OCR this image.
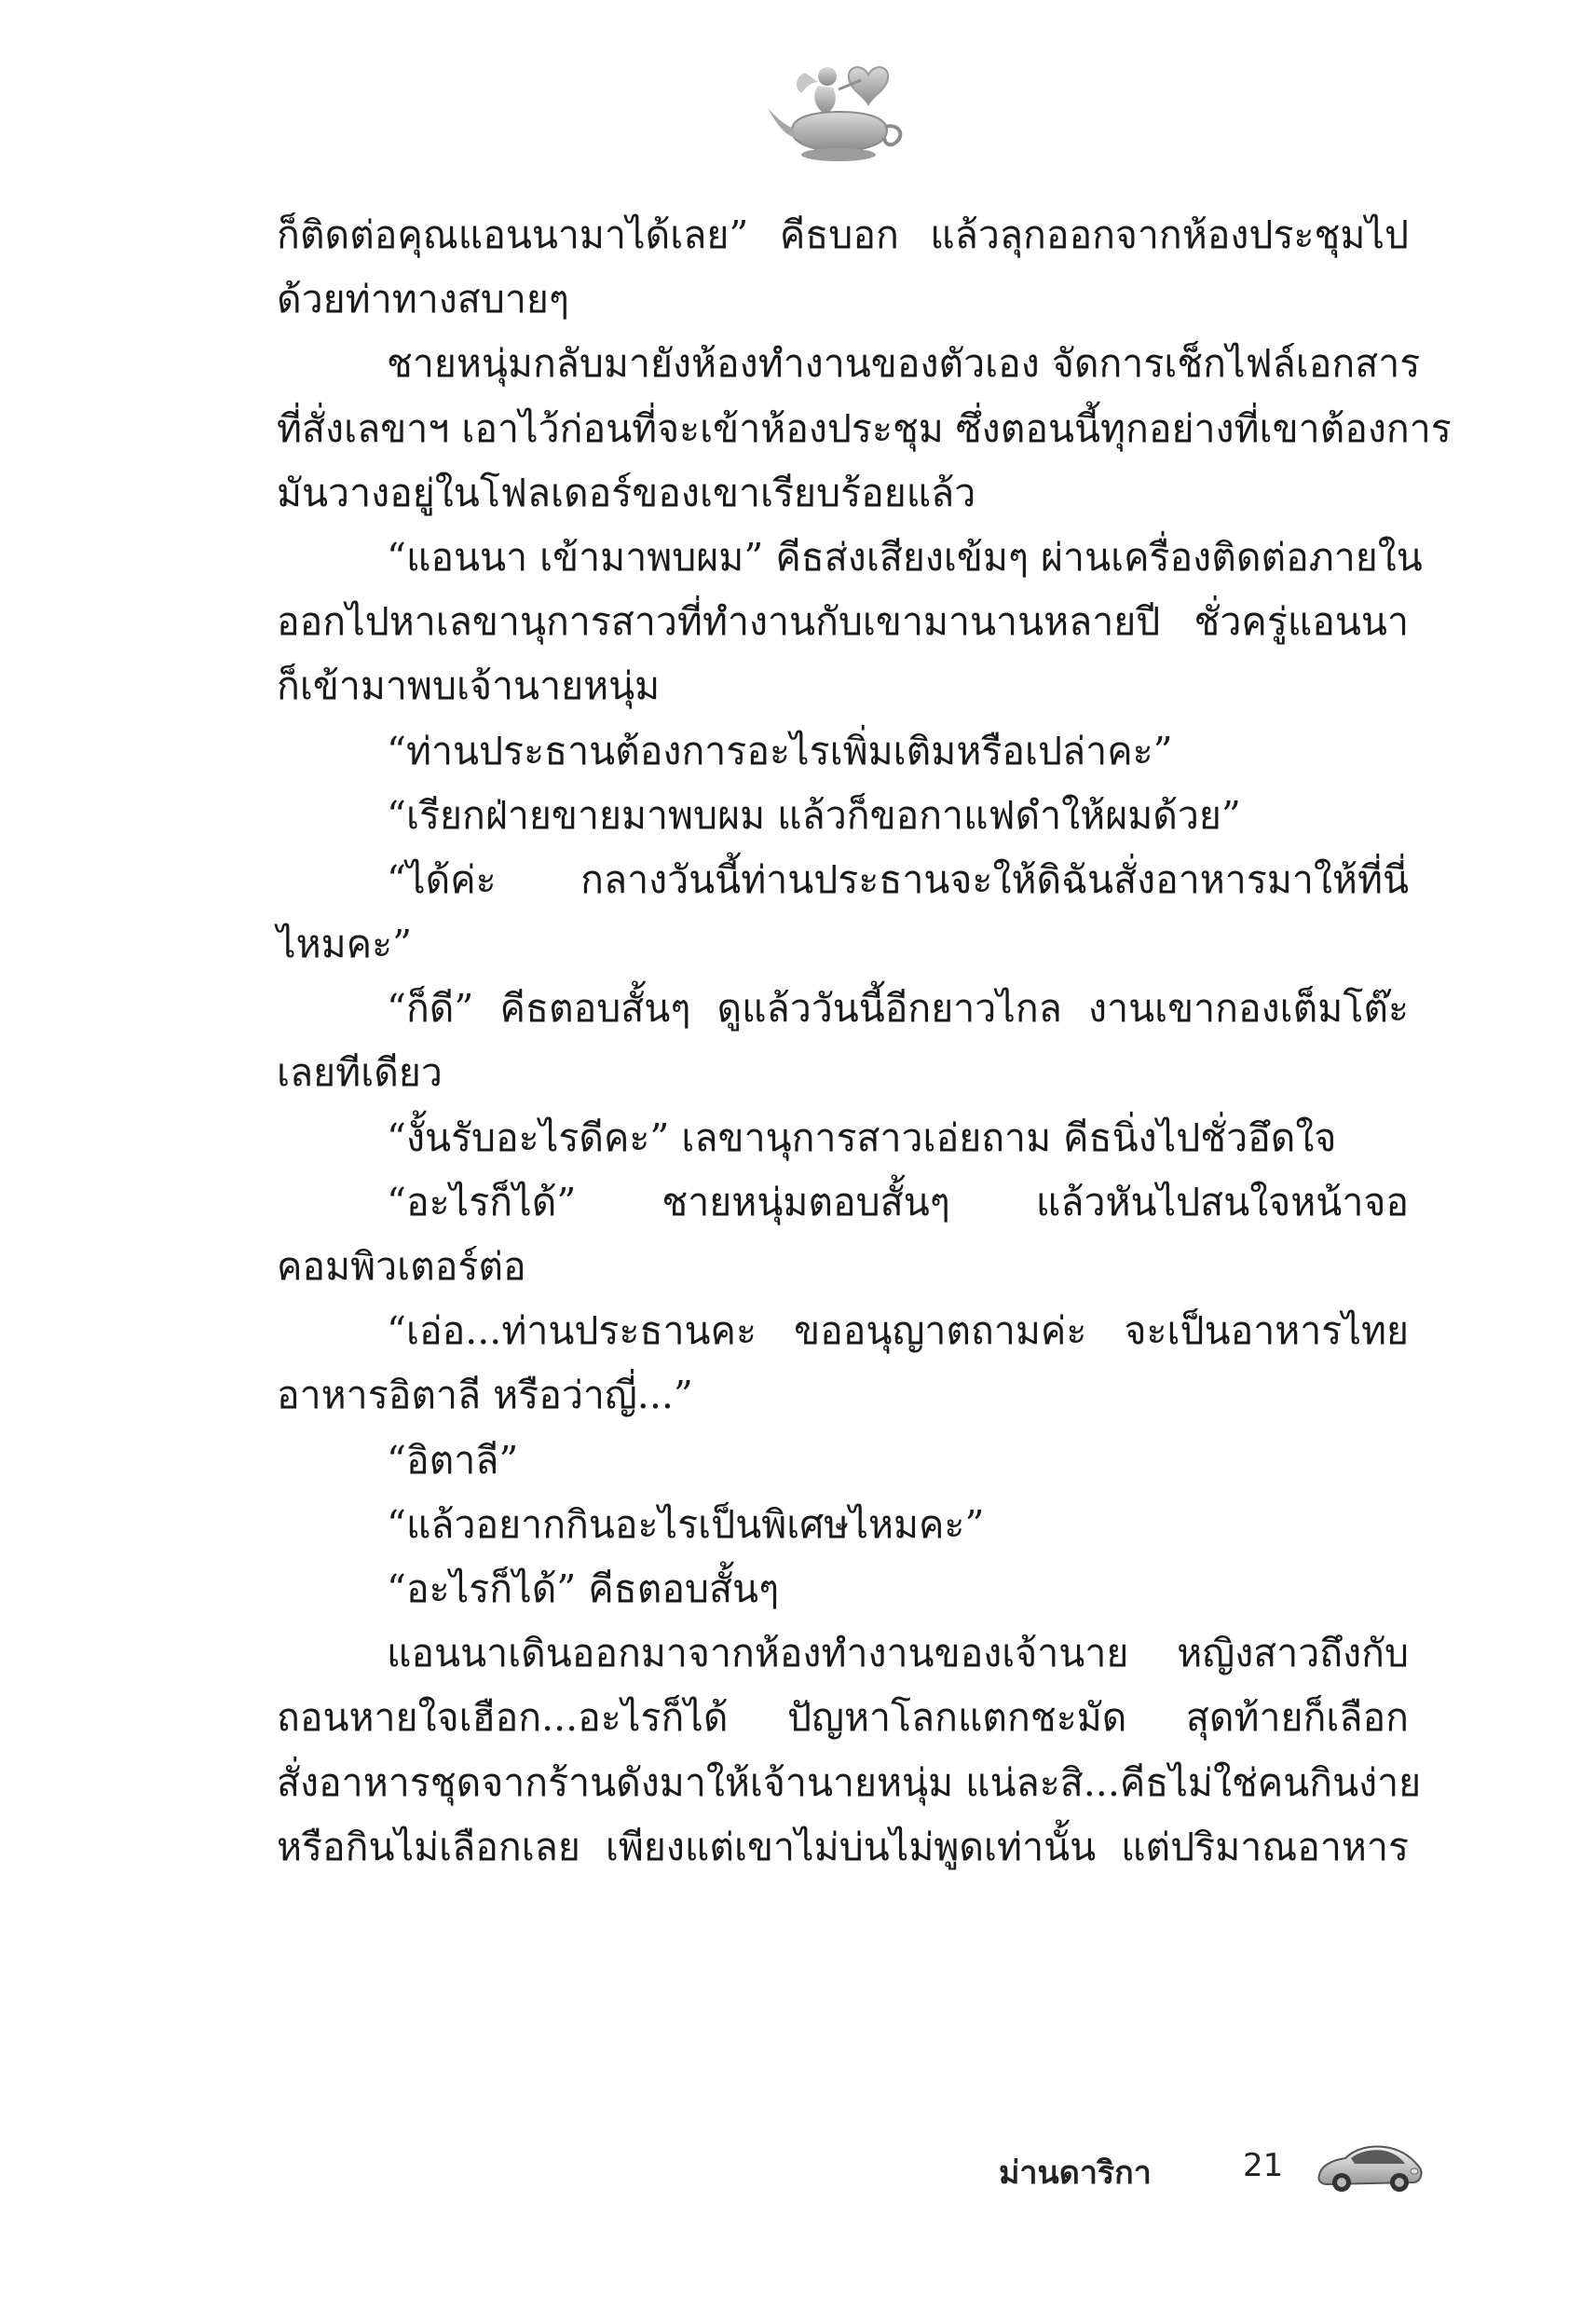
ก็ติดต่อคุณแอนนามาได้เลย” คีธบอก แล้วลุกออกจากห้องประชุมไป
ด้วยท่าทางสบายๆ
ชายหนุ่มกลับมายังห้องทำงานของตัวเอง จัดการเช็กไฟล์เอกสาร
ที่สั่งเลขาฯ เอาไว้ก่อนที่จะเข้าห้องประชุม ซึ่งตอนนี้ทุกอย่างที่เขาต้องการ
มันวางอยู่ในโฟลเดอร์ของเขาเรียบร้อยแล้ว
“แอนนา เข้ามาพบผม” คีธส่งเสียงเข้มๆ ผ่านเครื่องติดต่อภายใน
ออกไปหาเลขานุการสาวที่ทำงานกับเขามานานหลายปี ชั่วครู่แอนนา
ก็เข้ามาพบเจ้านายหนุ่ม
“ท่านประธานต้องการอะไรเพิ่มเติมหรือเปล่าคะ”
“เรียกฝ่ายขายมาพบผม แล้วก็ขอกาแฟดำให้ผมด้วย”
“ได้ค่ะ กลางวันนี้ท่านประธานจะให้ดิฉันสั่งอาหารมาให้ที่นี่
ไหมคะ”
“ก็ดี” คีธตอบสั้นๆ ดูแล้ววันนี้อีกยาวไกล งานเขากองเต็มโต๊ะ
เลยทีเดียว
“งั้นรับอะไรดีคะ” เลขานุการสาวเอ่ยถาม คีธนิ่งไปชั่วอึดใจ
“อะไรก็ได้” ชายหนุ่มตอบสั้นๆ แล้วหันไปสนใจหน้าจอ
คอมพิวเตอร์ต่อ
“เอ่อ...ท่านประธานคะ ขออนุญาตถามค่ะ จะเป็นอาหารไทย
อาหารอิตาลี หรือว่าญี่...”
“อิตาลี”
“แล้วอยากกินอะไรเป็นพิเศษไหมคะ”
“อะไรก็ได้” คีธตอบสั้นๆ
แอนนาเดินออกมาจากห้องทำงานของเจ้านาย หญิงสาวถึงกับ
ถอนหายใจเฮือก...อะไรก็ได้ ปัญหาโลกแตกชะมัด สุดท้ายก็เลือก
สั่งอาหารชุดจากร้านดังมาให้เจ้านายหนุ่ม แน่ละสิ...คีธไม่ใช่คนกินง่าย
หรือกินไม่เลือกเลย เพียงแต่เขาไม่บ่นไม่พูดเท่านั้น แต่ปริมาณอาหาร
ม่านดาริกา	21
